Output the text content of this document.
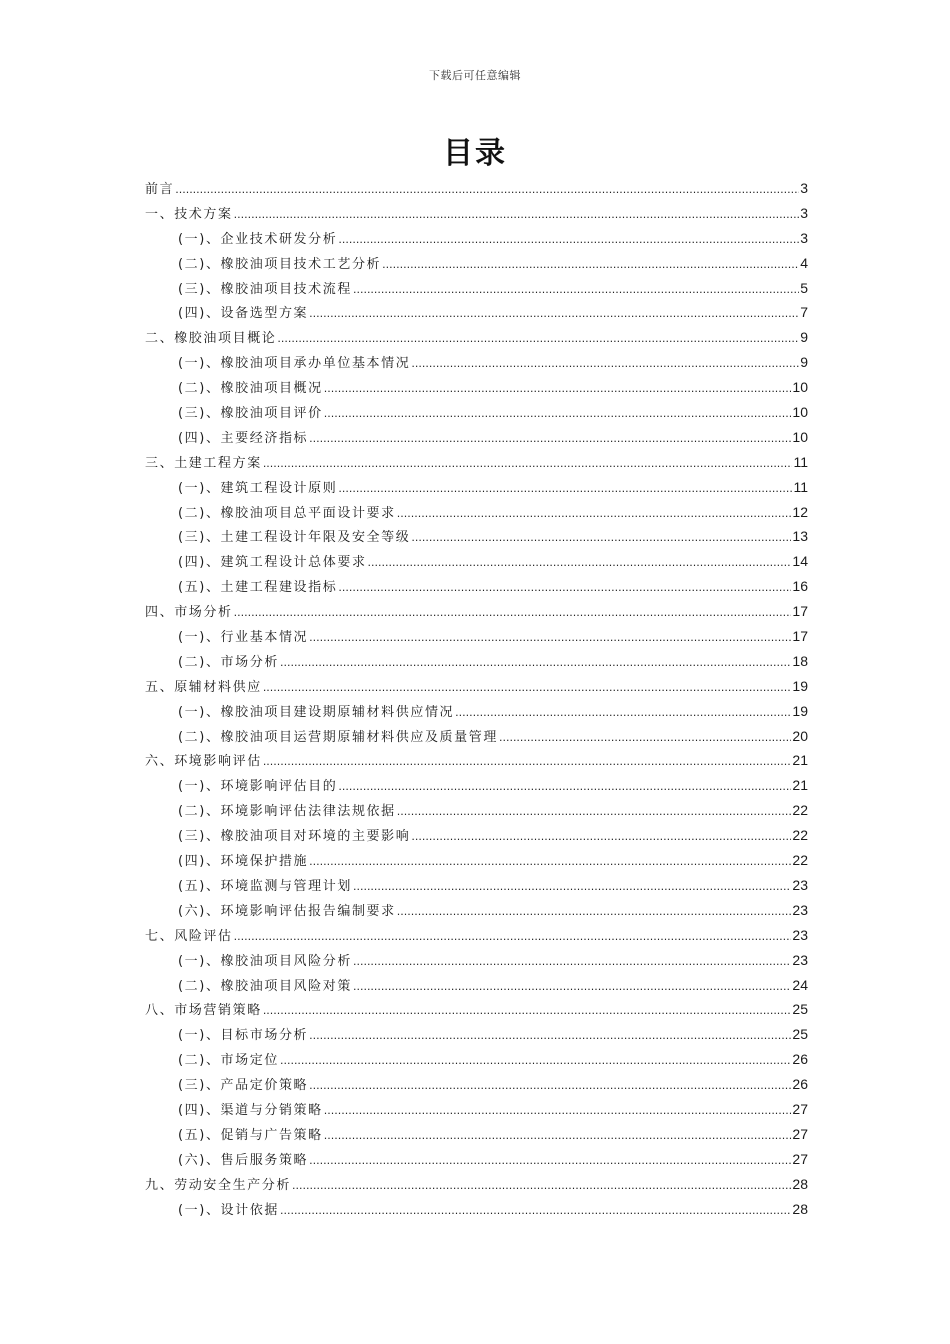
下载后可任意编辑
目录
前言 .....	3
一、技术方案 .....	3
(一)、企业技术研发分析 .....	3
(二)、橡胶油项目技术工艺分析 .....	4
(三)、橡胶油项目技术流程 .....	5
(四)、设备选型方案 .....	7
二、橡胶油项目概论 .....	9
(一)、橡胶油项目承办单位基本情况 .....	9
(二)、橡胶油项目概况 .....	10
(三)、橡胶油项目评价 .....	10
(四)、主要经济指标 .....	10
三、土建工程方案 .....	11
(一)、建筑工程设计原则 .....	11
(二)、橡胶油项目总平面设计要求 .....	12
(三)、土建工程设计年限及安全等级 .....	13
(四)、建筑工程设计总体要求 .....	14
(五)、土建工程建设指标 .....	16
四、市场分析 .....	17
(一)、行业基本情况 .....	17
(二)、市场分析 .....	18
五、原辅材料供应 .....	19
(一)、橡胶油项目建设期原辅材料供应情况 .....	19
(二)、橡胶油项目运营期原辅材料供应及质量管理 .....	20
六、环境影响评估 .....	21
(一)、环境影响评估目的 .....	21
(二)、环境影响评估法律法规依据 .....	22
(三)、橡胶油项目对环境的主要影响 .....	22
(四)、环境保护措施 .....	22
(五)、环境监测与管理计划 .....	23
(六)、环境影响评估报告编制要求 .....	23
七、风险评估 .....	23
(一)、橡胶油项目风险分析 .....	23
(二)、橡胶油项目风险对策 .....	24
八、市场营销策略 .....	25
(一)、目标市场分析 .....	25
(二)、市场定位 .....	26
(三)、产品定价策略 .....	26
(四)、渠道与分销策略 .....	27
(五)、促销与广告策略 .....	27
(六)、售后服务策略 .....	27
九、劳动安全生产分析 .....	28
(一)、设计依据 .....	28
